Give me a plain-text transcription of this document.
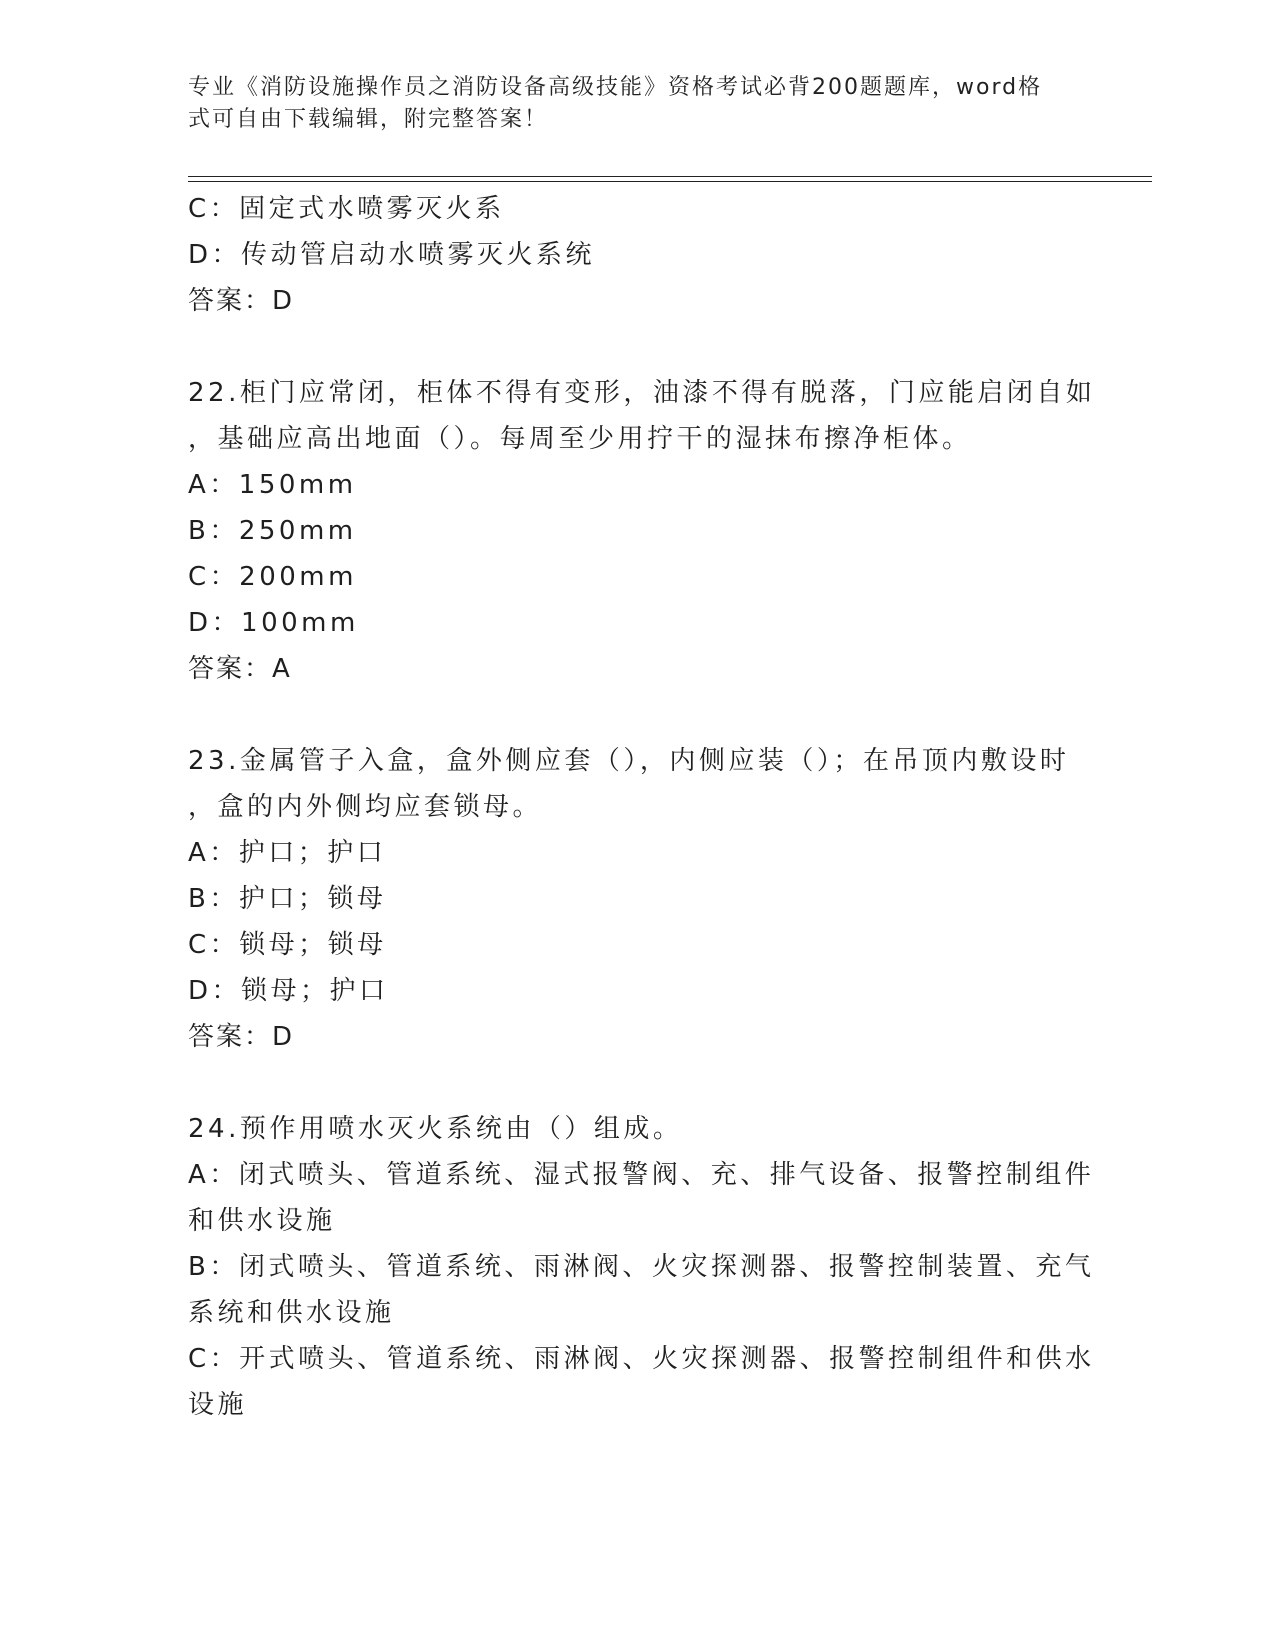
专业《消防设施操作员之消防设备高级技能》资格考试必背200题题库，word格
式可自由下载编辑，附完整答案！
C：固定式水喷雾灭火系
D：传动管启动水喷雾灭火系统
答案：D
22.柜门应常闭，柜体不得有变形，油漆不得有脱落，门应能启闭自如
，基础应高出地面（）。每周至少用拧干的湿抹布擦净柜体。
A：150mm
B：250mm
C：200mm
D：100mm
答案：A
23.金属管子入盒，盒外侧应套（），内侧应装（）；在吊顶内敷设时
，盒的内外侧均应套锁母。
A：护口；护口
B：护口；锁母
C：锁母；锁母
D：锁母；护口
答案：D
24.预作用喷水灭火系统由（）组成。
A：闭式喷头、管道系统、湿式报警阀、充、排气设备、报警控制组件
和供水设施
B：闭式喷头、管道系统、雨淋阀、火灾探测器、报警控制装置、充气
系统和供水设施
C：开式喷头、管道系统、雨淋阀、火灾探测器、报警控制组件和供水
设施
